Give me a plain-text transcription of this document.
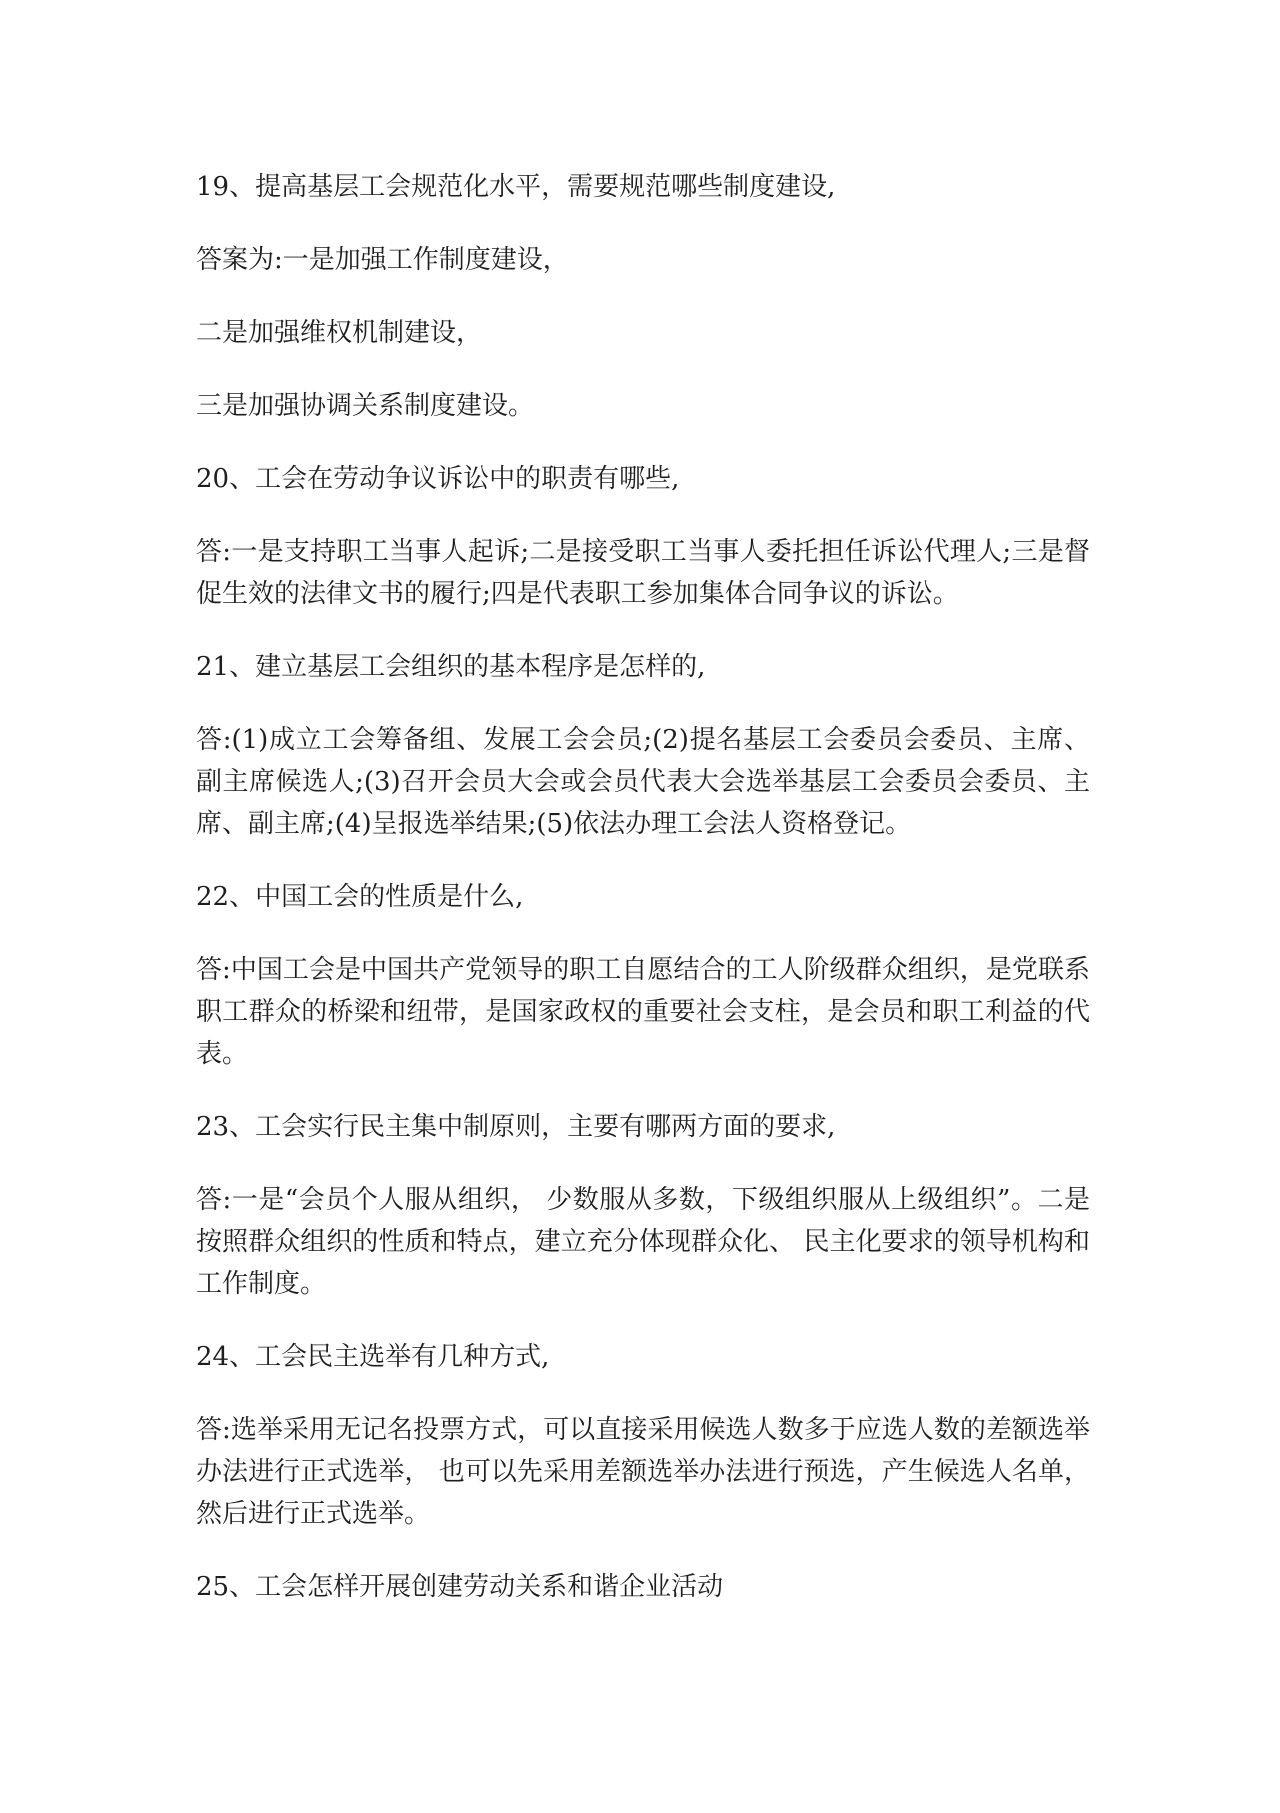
19、提高基层工会规范化水平，需要规范哪些制度建设,

答案为:一是加强工作制度建设，

二是加强维权机制建设，

三是加强协调关系制度建设。

20、工会在劳动争议诉讼中的职责有哪些,

答:一是支持职工当事人起诉;二是接受职工当事人委托担任诉讼代理人;三是督促生效的法律文书的履行;四是代表职工参加集体合同争议的诉讼。

21、建立基层工会组织的基本程序是怎样的,

答:(1)成立工会筹备组、发展工会会员;(2)提名基层工会委员会委员、主席、副主席候选人;(3)召开会员大会或会员代表大会选举基层工会委员会委员、主席、副主席;(4)呈报选举结果;(5)依法办理工会法人资格登记。

22、中国工会的性质是什么,

答:中国工会是中国共产党领导的职工自愿结合的工人阶级群众组织，是党联系职工群众的桥梁和纽带，是国家政权的重要社会支柱，是会员和职工利益的代表。

23、工会实行民主集中制原则，主要有哪两方面的要求,

答:一是“会员个人服从组织， 少数服从多数，下级组织服从上级组织”。二是按照群众组织的性质和特点，建立充分体现群众化、 民主化要求的领导机构和工作制度。

24、工会民主选举有几种方式,

答:选举采用无记名投票方式，可以直接采用候选人数多于应选人数的差额选举办法进行正式选举， 也可以先采用差额选举办法进行预选，产生候选人名单，然后进行正式选举。

25、工会怎样开展创建劳动关系和谐企业活动
